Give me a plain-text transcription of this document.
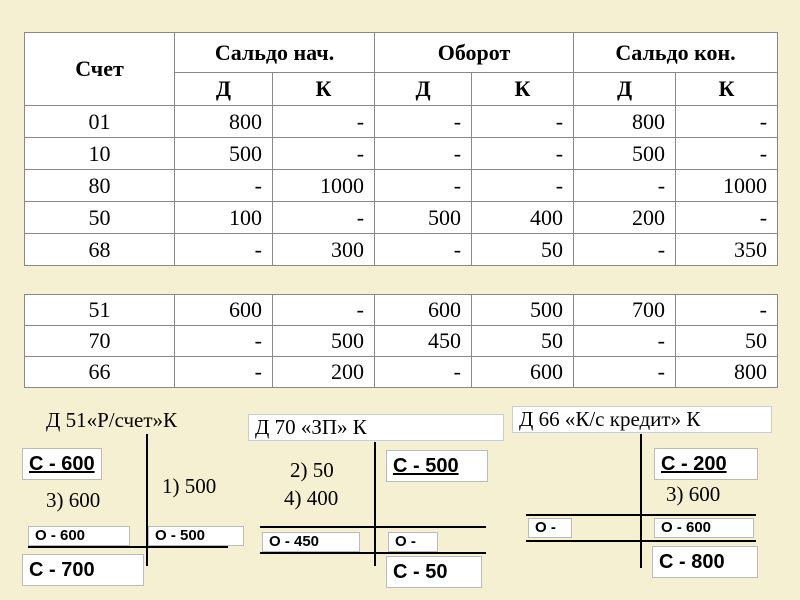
Счет	Сальдо нач.		Оборот		Сальдо кон.	
	Д	К	Д	К	Д	К
01	800	-	-	-	800	-
10	500	-	-	-	500	-
80	-	1000	-	-	-	1000
50	100	-	500	400	200	-
68	-	300	-	50	-	350
51	600	-	600	500	700	-
70	-	500	450	50	-	50
66	-	200	-	600	-	800
Д 51«Р/счет»К
С - 600
3) 600
1) 500
О - 600	О - 500
С - 700
Д 70 «ЗП» К
2) 50
4) 400
С - 500
О - 450	О -
С - 50
Д 66 «К/с кредит» К
С - 200
3) 600
О -	О - 600
С - 800
